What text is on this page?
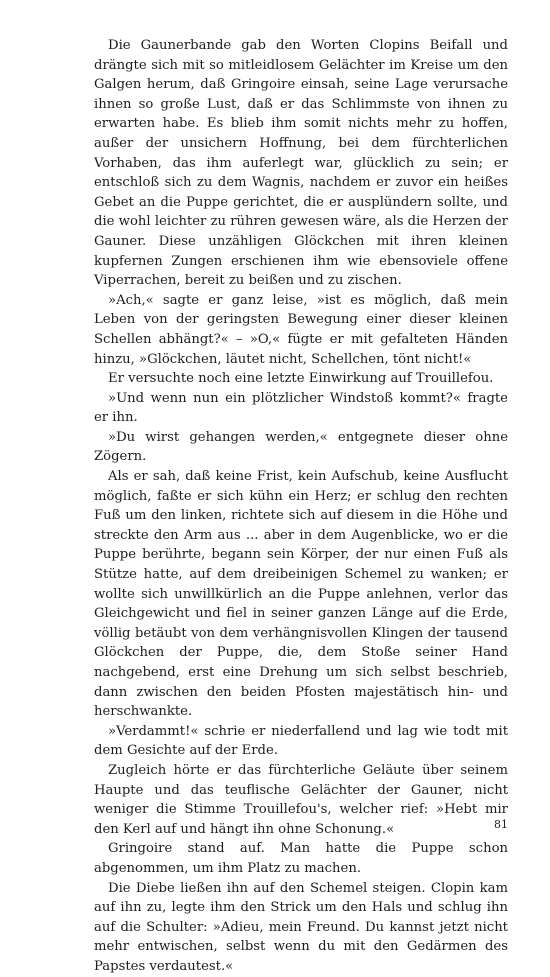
Die Gaunerbande gab den Worten Clopins Beifall und drängte sich mit so mitleidlosem Gelächter im Kreise um den Galgen herum, daß Gringoire einsah, seine Lage verursache ihnen so große Lust, daß er das Schlimmste von ihnen zu erwarten habe. Es blieb ihm somit nichts mehr zu hoffen, außer der unsichern Hoffnung, bei dem fürchterlichen Vorhaben, das ihm auferlegt war, glücklich zu sein; er entschloß sich zu dem Wagnis, nachdem er zuvor ein heißes Gebet an die Puppe gerichtet, die er ausplündern sollte, und die wohl leichter zu rühren gewesen wäre, als die Herzen der Gauner. Diese unzähligen Glöckchen mit ihren kleinen kupfernen Zungen erschienen ihm wie ebensoviele offene Viperrachen, bereit zu beißen und zu zischen.

»Ach,« sagte er ganz leise, »ist es möglich, daß mein Leben von der geringsten Bewegung einer dieser kleinen Schellen abhängt?« – »O,« fügte er mit gefalteten Händen hinzu, »Glöckchen, läutet nicht, Schellchen, tönt nicht!«

Er versuchte noch eine letzte Einwirkung auf Trouillefou.

»Und wenn nun ein plötzlicher Windstoß kommt?« fragte er ihn.

»Du wirst gehangen werden,« entgegnete dieser ohne Zögern.

Als er sah, daß keine Frist, kein Aufschub, keine Ausflucht möglich, faßte er sich kühn ein Herz; er schlug den rechten Fuß um den linken, richtete sich auf diesem in die Höhe und streckte den Arm aus ... aber in dem Augenblicke, wo er die Puppe berührte, begann sein Körper, der nur einen Fuß als Stütze hatte, auf dem dreibeinigen Schemel zu wanken; er wollte sich unwillkürlich an die Puppe anlehnen, verlor das Gleichgewicht und fiel in seiner ganzen Länge auf die Erde, völlig betäubt von dem verhängnisvollen Klingen der tausend Glöckchen der Puppe, die, dem Stoße seiner Hand nachgebend, erst eine Drehung um sich selbst beschrieb, dann zwischen den beiden Pfosten majestätisch hin- und herschwankte.

»Verdammt!« schrie er niederfallend und lag wie todt mit dem Gesichte auf der Erde.

Zugleich hörte er das fürchterliche Geläute über seinem Haupte und das teuflische Gelächter der Gauner, nicht weniger die Stimme Trouillefou's, welcher rief: »Hebt mir den Kerl auf und hängt ihn ohne Schonung.«

Gringoire stand auf. Man hatte die Puppe schon abgenommen, um ihm Platz zu machen.

Die Diebe ließen ihn auf den Schemel steigen. Clopin kam auf ihn zu, legte ihm den Strick um den Hals und schlug ihn auf die Schulter: »Adieu, mein Freund. Du kannst jetzt nicht mehr entwischen, selbst wenn du mit den Gedärmen des Papstes verdautest.«

81
